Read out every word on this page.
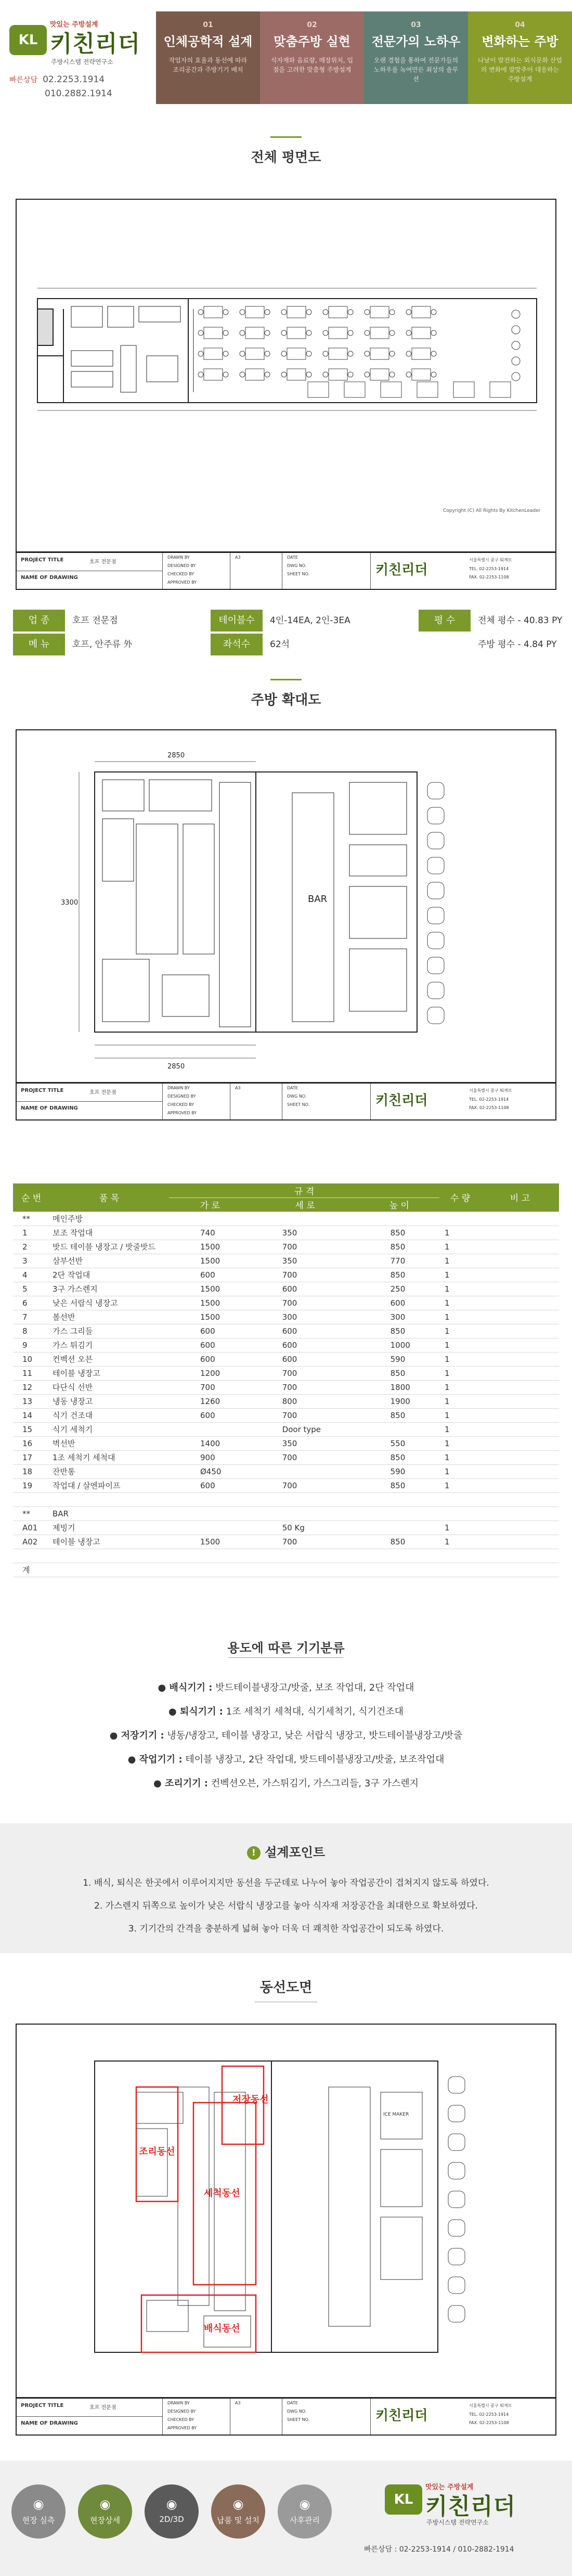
KL
맛있는 주방설계
키친리더
주방시스템 전략연구소
빠른상담 02.2253.1914
010.2882.1914
01
인체공학적 설계
작업자의 효율과 동선에 따라 조리공간과 주방기기 배치
02
맞춤주방 실현
식자재와 음료량, 매장위치, 입점을 고려한 맞춤형 주방설계
03
전문가의 노하우
오랜 경험을 통하여 전문가들의 노하우를 녹여만든 최상의 솔루션
04
변화하는 주방
나날이 발전하는 외식문화 산업의 변화에 발맞추어 대응하는 주방설계
전체 평면도
Copyright (C) All Rights By KitchenLeader
PROJECT TITLE	호프 전문점
NAME OF DRAWING
DRAWN BY
DESIGNED BY
CHECKED BY
APPROVED BY
A3	DATE
DWG NO.
SHEET NO.	키친리더
서울특별시 중구 퇴계로
TEL. 02-2253-1914
FAX. 02-2253-1108
업 종	호프 전문점	테이블수	4인-14EA, 2인-3EA	평 수	전체 평수 - 40.83 PY
메 뉴	호프, 안주류 外	좌석수	62석	주방 평수 - 4.84 PY
주방 확대도
3300
2850
BAR
2850
PROJECT TITLE	호프 전문점
NAME OF DRAWING
DRAWN BY
DESIGNED BY
CHECKED BY
APPROVED BY
A3	DATE
DWG NO.
SHEET NO.	키친리더
서울특별시 중구 퇴계로
TEL. 02-2253-1914
FAX. 02-2253-1108
순 번	품 목	규 격			수 량	비 고
		가 로	세 로	높 이		
**	메인주방					
1	보조 작업대	740	350	850	1	
2	밧드 테이블 냉장고 / 밧줄밧드	1500	700	850	1	
3	삼부선반	1500	350	770	1	
4	2단 작업대	600	700	850	1	
5	3구 가스렌지	1500	600	250	1	
6	낮은 서랍식 냉장고	1500	700	600	1	
7	볼선반	1500	300	300	1	
8	가스 그리들	600	600	850	1	
9	가스 튀김기	600	600	1000	1	
10	컨벡션 오븐	600	600	590	1	
11	테이블 냉장고	1200	700	850	1	
12	다단식 선반	700	700	1800	1	
13	냉동 냉장고	1260	800	1900	1	
14	식기 건조대	600	700	850	1	
15	식기 세척기		Door type		1	
16	벽선반	1400	350	550	1	
17	1조 세척기 세척대	900	700	850	1	
18	잔반통	Ø450		590	1	
19	작업대 / 살엔파이프	600	700	850	1	

**	BAR					
A01	제빙기		50 Kg		1	
A02	테이블 냉장고	1500	700	850	1	

계						
용도에 따른 기기분류
● 배식기기 : 밧드테이블냉장고/밧줄, 보조 작업대, 2단 작업대
● 퇴식기기 : 1조 세척기 세척대, 식기세척기, 식기건조대
● 저장기기 : 냉동/냉장고, 테이블 냉장고, 낮은 서랍식 냉장고, 밧드테이블냉장고/밧줄
● 작업기기 : 테이블 냉장고, 2단 작업대, 밧드테이블냉장고/밧줄, 보조작업대
● 조리기기 : 컨벡션오븐, 가스튀김기, 가스그리들, 3구 가스렌지
! 설계포인트
1. 배식, 퇴식은 한곳에서 이루어지지만 동선을 두군데로 나누어 놓아 작업공간이 겹쳐지지 않도록 하였다.
2. 가스렌지 뒤쪽으로 높이가 낮은 서랍식 냉장고를 놓아 식자재 저장공간을 최대한으로 확보하였다.
3. 기기간의 간격을 충분하게 넓혀 놓아 더욱 더 쾌적한 작업공간이 되도록 하였다.
동선도면
저장동선
조리동선
세척동선
배식동선
ICE MAKER
PROJECT TITLE	호프 전문점
NAME OF DRAWING
DRAWN BY
DESIGNED BY
CHECKED BY
APPROVED BY
A3	DATE
DWG NO.
SHEET NO.	키친리더
서울특별시 중구 퇴계로
TEL. 02-2253-1914
FAX. 02-2253-1108
KL
맛있는 주방설계
키친리더
주방시스템 전략연구소
빠른상담 : 02-2253-1914 / 010-2882-1914
◉
현장 실측
◉
현장상세
◉
2D/3D
◉
납품 및 설치
◉
사후관리
